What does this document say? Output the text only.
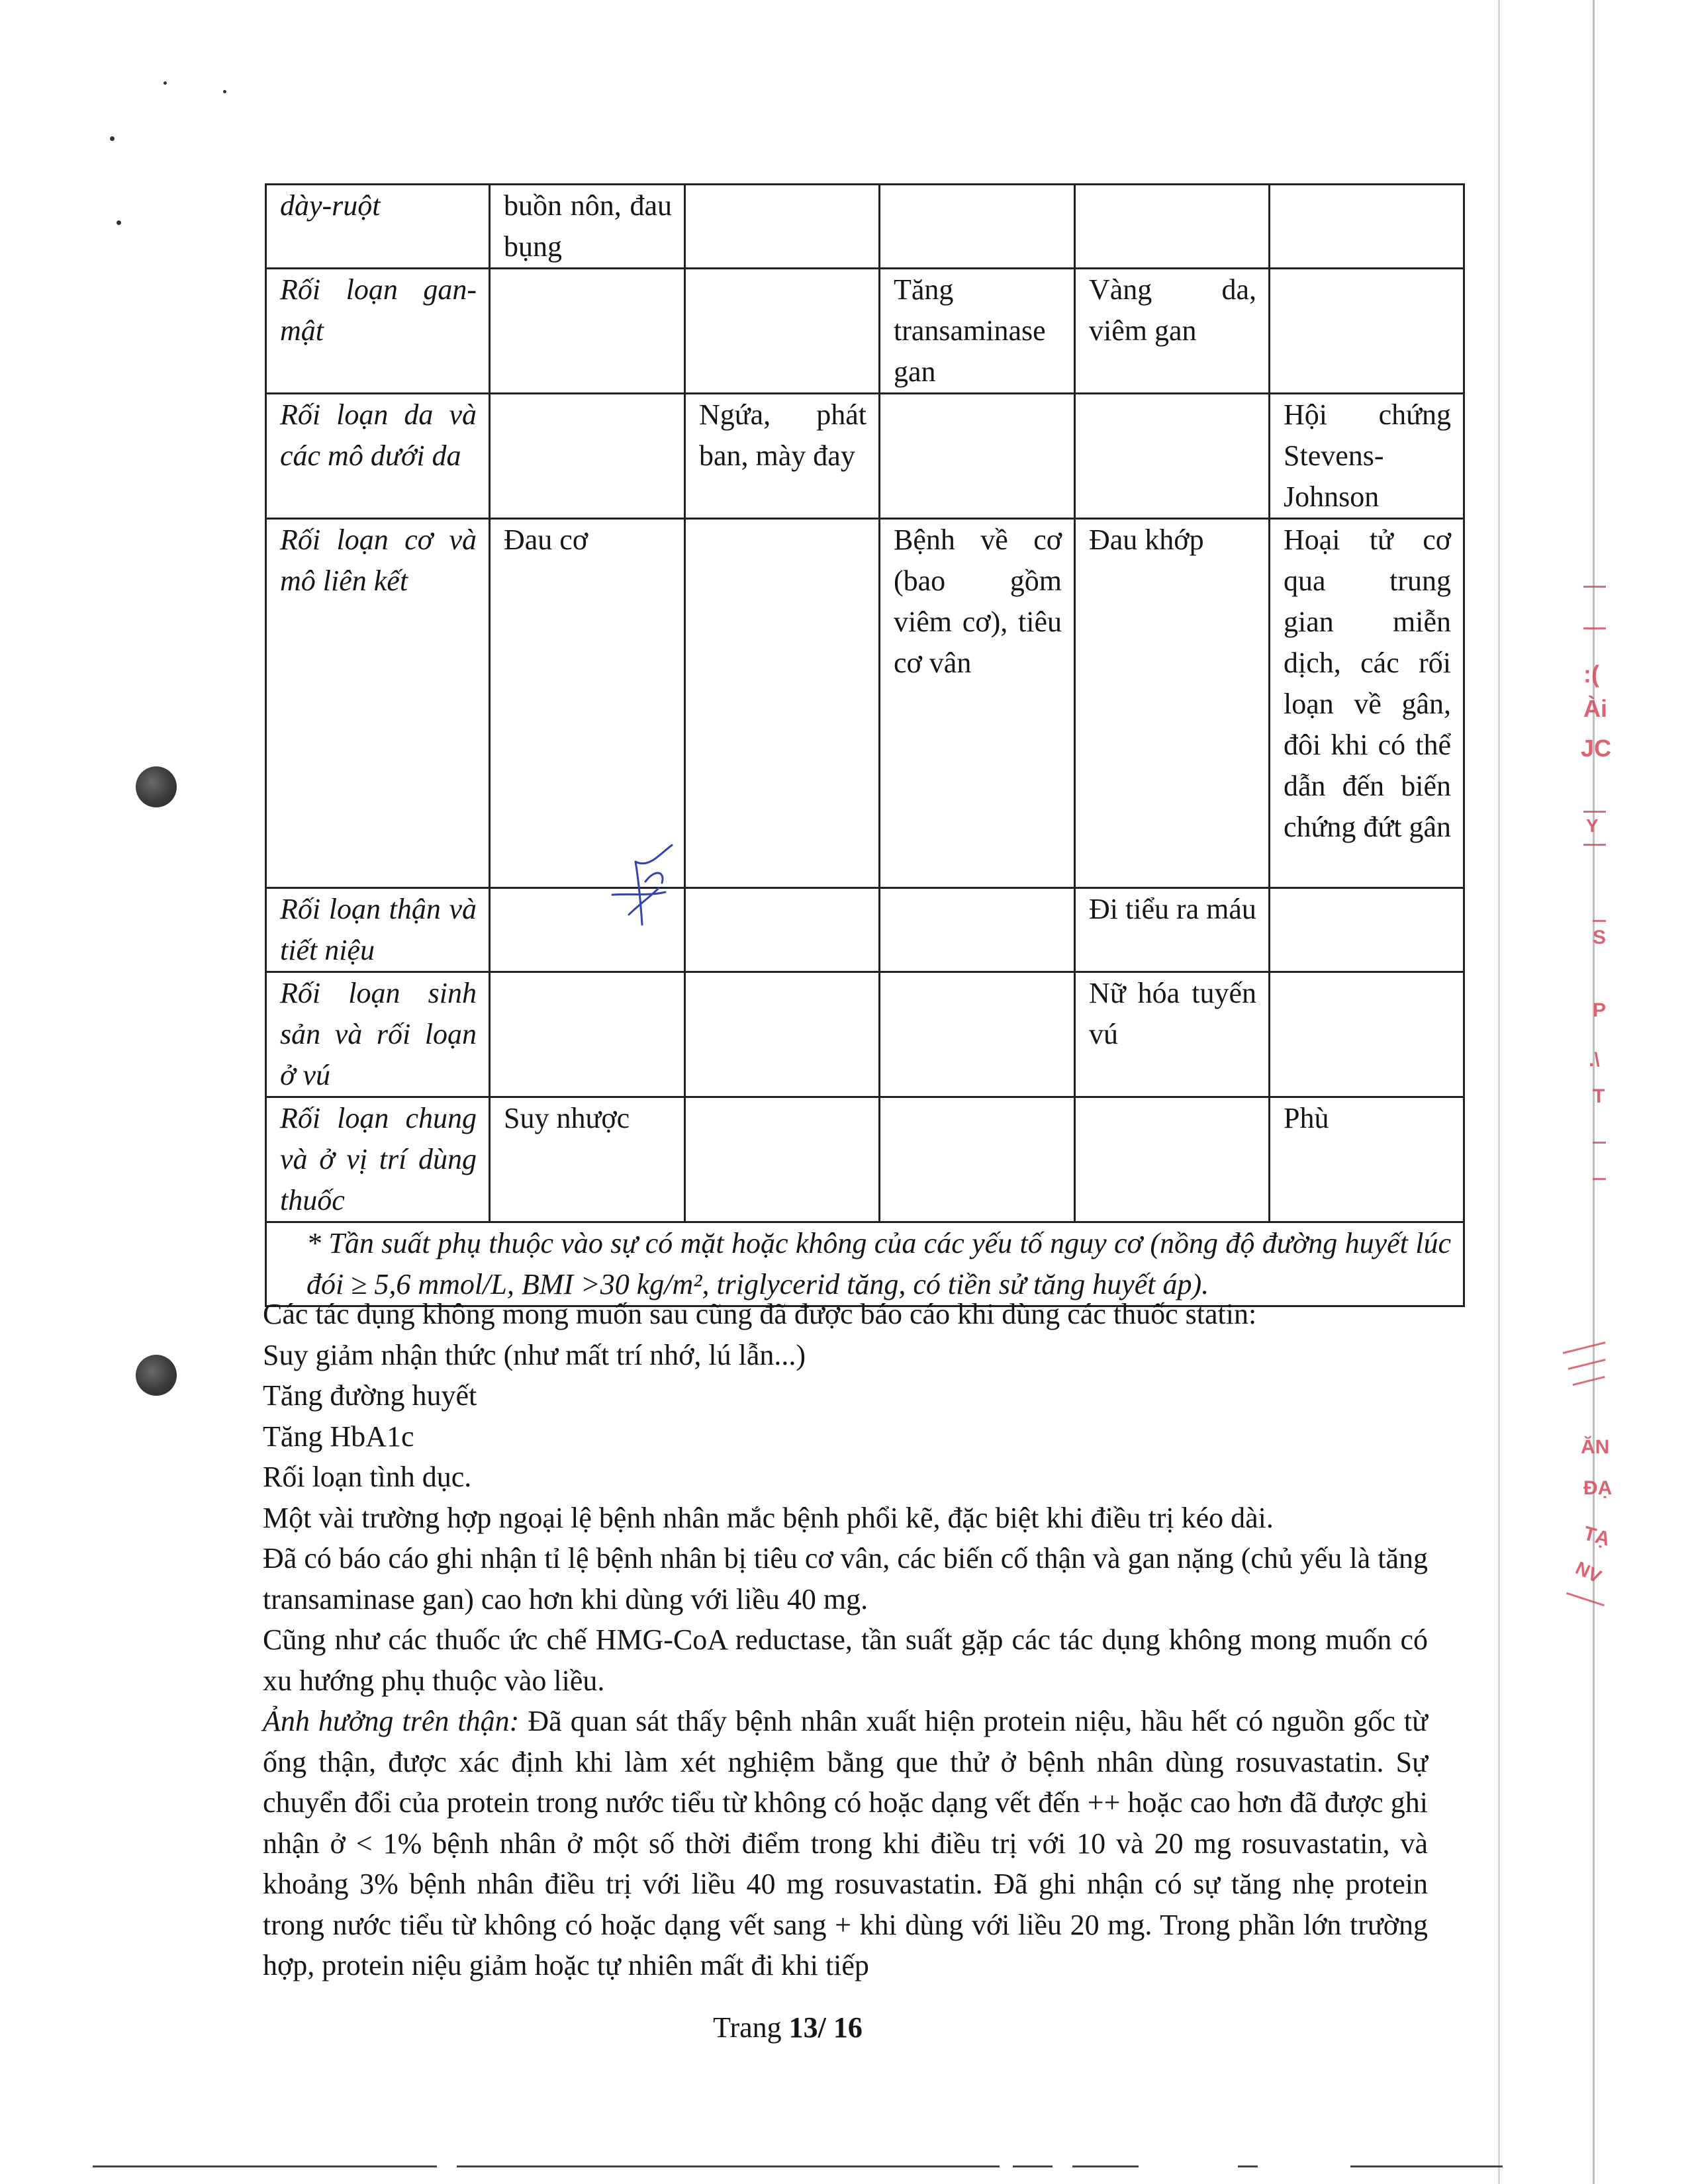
:(
Ài
JC
Y
S
P
.\
T
ĂN
ĐẠ
TẠ
NV
dày-ruột	buồn nôn, đau bụng				
Rối loạn gan-mật			Tăng transaminase gan	Vàng da, viêm gan	
Rối loạn da và các mô dưới da		Ngứa, phát ban, mày đay			Hội chứng Stevens-Johnson
Rối loạn cơ và mô liên kết	Đau cơ		Bệnh về cơ (bao gồm viêm cơ), tiêu cơ vân	Đau khớp	Hoại tử cơ qua trung gian miễn dịch, các rối loạn về gân, đôi khi có thể dẫn đến biến chứng đứt gân
Rối loạn thận và tiết niệu				Đi tiểu ra máu	
Rối loạn sinh sản và rối loạn ở vú				Nữ hóa tuyến vú	
Rối loạn chung và ở vị trí dùng thuốc	Suy nhược				Phù
* Tần suất phụ thuộc vào sự có mặt hoặc không của các yếu tố nguy cơ (nồng độ đường huyết lúc đói ≥ 5,6 mmol/L, BMI >30 kg/m², triglycerid tăng, có tiền sử tăng huyết áp).					

Các tác dụng không mong muốn sau cũng đã được báo cáo khi dùng các thuốc statin:

Suy giảm nhận thức (như mất trí nhớ, lú lẫn...)

Tăng đường huyết

Tăng HbA1c

Rối loạn tình dục.

Một vài trường hợp ngoại lệ bệnh nhân mắc bệnh phổi kẽ, đặc biệt khi điều trị kéo dài.

Đã có báo cáo ghi nhận tỉ lệ bệnh nhân bị tiêu cơ vân, các biến cố thận và gan nặng (chủ yếu là tăng transaminase gan) cao hơn khi dùng với liều 40 mg.

Cũng như các thuốc ức chế HMG-CoA reductase, tần suất gặp các tác dụng không mong muốn có xu hướng phụ thuộc vào liều.

Ảnh hưởng trên thận: Đã quan sát thấy bệnh nhân xuất hiện protein niệu, hầu hết có nguồn gốc từ ống thận, được xác định khi làm xét nghiệm bằng que thử ở bệnh nhân dùng rosuvastatin. Sự chuyển đổi của protein trong nước tiểu từ không có hoặc dạng vết đến ++ hoặc cao hơn đã được ghi nhận ở < 1% bệnh nhân ở một số thời điểm trong khi điều trị với 10 và 20 mg rosuvastatin, và khoảng 3% bệnh nhân điều trị với liều 40 mg rosuvastatin. Đã ghi nhận có sự tăng nhẹ protein trong nước tiểu từ không có hoặc dạng vết sang + khi dùng với liều 20 mg. Trong phần lớn trường hợp, protein niệu giảm hoặc tự nhiên mất đi khi tiếp

Trang 13/ 16
